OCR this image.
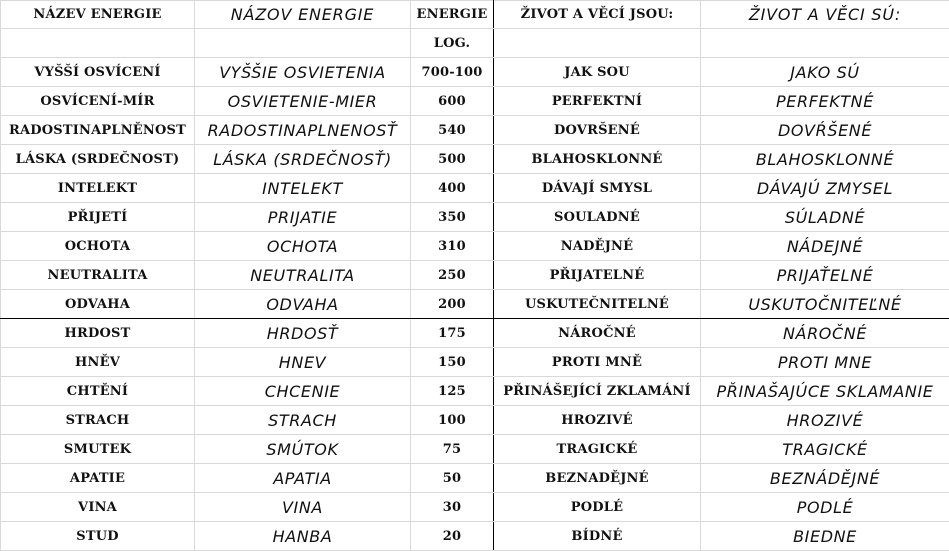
NÁZEV ENERGIE	NÁZOV ENERGIE	ENERGIE	ŽIVOT A VĚCÍ JSOU:	ŽIVOT A VĚCI SÚ:
		LOG.		
VYŠŠÍ OSVÍCENÍ	VYŠŠIE OSVIETENIA	700-100	JAK SOU	JAKO SÚ
OSVÍCENÍ-MÍR	OSVIETENIE-MIER	600	PERFEKTNÍ	PERFEKTNÉ
RADOSTINAPLNĚNOST	RADOSTINAPLNENOSŤ	540	DOVRŠENÉ	DOVŔŠENÉ
LÁSKA (SRDEČNOST)	LÁSKA (SRDEČNOSŤ)	500	BLAHOSKLONNÉ	BLAHOSKLONNÉ
INTELEKT	INTELEKT	400	DÁVAJÍ SMYSL	DÁVAJÚ ZMYSEL
PŘIJETÍ	PRIJATIE	350	SOULADNÉ	SÚLADNÉ
OCHOTA	OCHOTA	310	NADĚJNÉ	NÁDEJNÉ
NEUTRALITA	NEUTRALITA	250	PŘIJATELNÉ	PRIJAŤELNÉ
ODVAHA	ODVAHA	200	USKUTEČNITELNÉ	USKUTOČNITEĽNÉ
HRDOST	HRDOSŤ	175	NÁROČNÉ	NÁROČNÉ
HNĚV	HNEV	150	PROTI MNĚ	PROTI MNE
CHTĚNÍ	CHCENIE	125	PŘINÁŠEJÍCÍ ZKLAMÁNÍ	PŘINAŠAJÚCE SKLAMANIE
STRACH	STRACH	100	HROZIVÉ	HROZIVÉ
SMUTEK	SMÚTOK	75	TRAGICKÉ	TRAGICKÉ
APATIE	APATIA	50	BEZNADĚJNÉ	BEZNÁDĚJNÉ
VINA	VINA	30	PODLÉ	PODLÉ
STUD	HANBA	20	BÍDNÉ	BIEDNE
